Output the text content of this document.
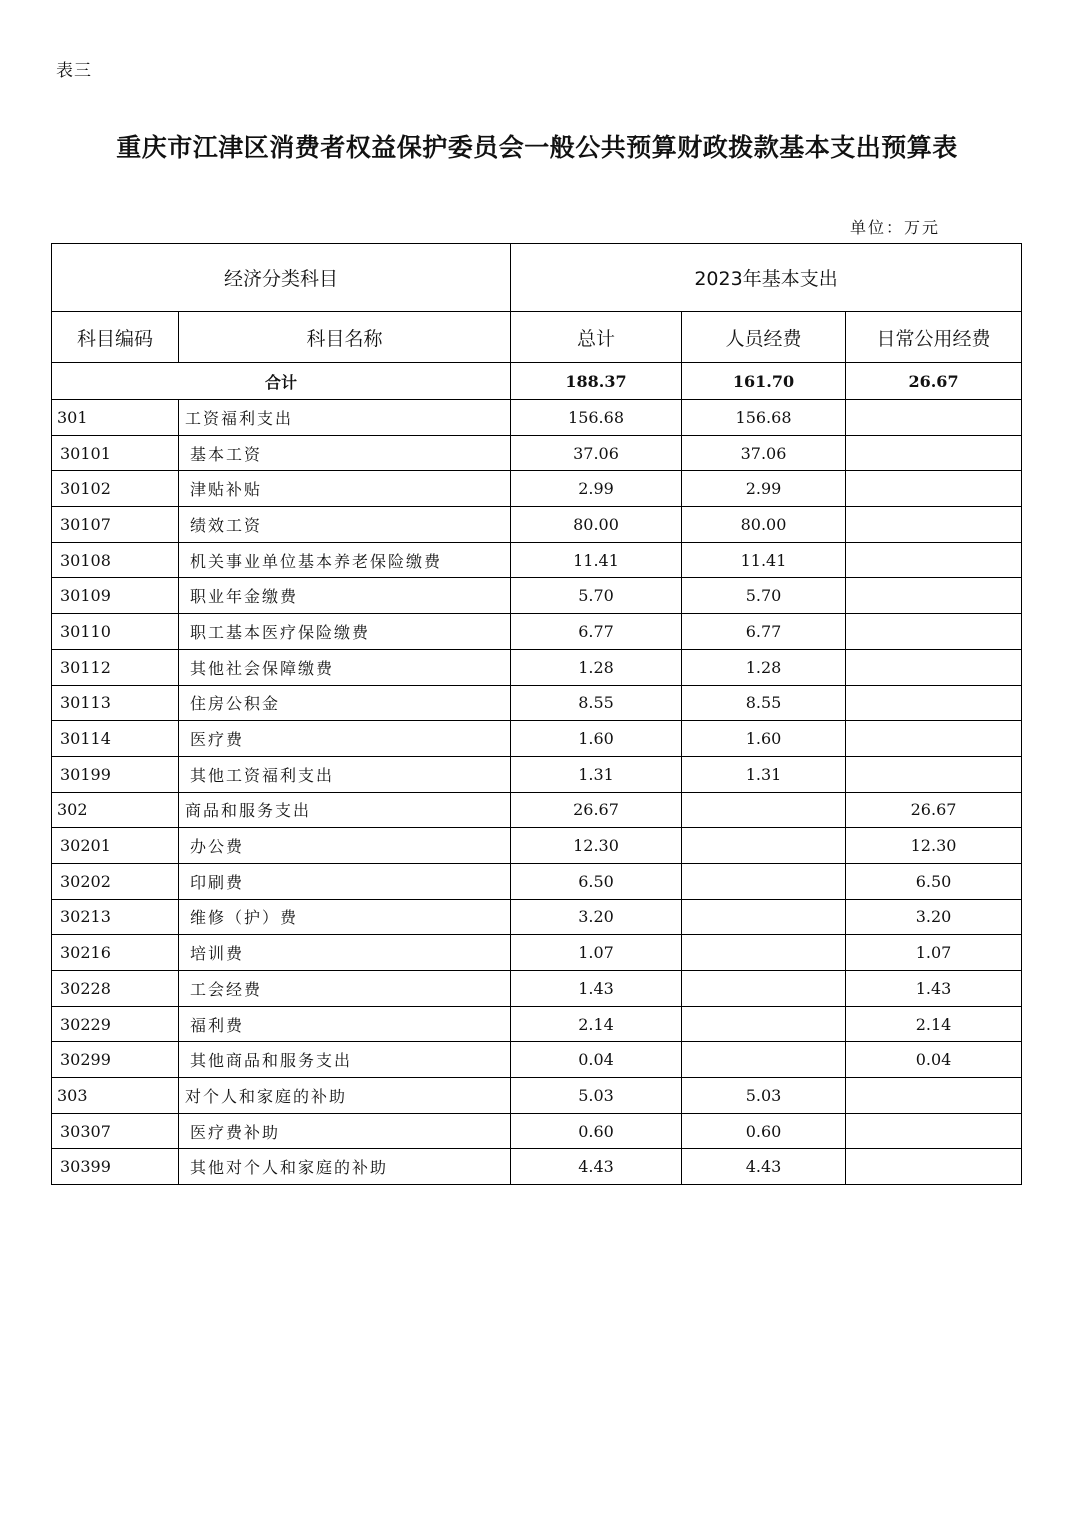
表三
重庆市江津区消费者权益保护委员会一般公共预算财政拨款基本支出预算表
单位：万元
经济分类科目		2023年基本支出		
科目编码	科目名称	总计	人员经费	日常公用经费
合计		188.37	161.70	26.67
301	工资福利支出	156.68	156.68	
30101	基本工资	37.06	37.06	
30102	津贴补贴	2.99	2.99	
30107	绩效工资	80.00	80.00	
30108	机关事业单位基本养老保险缴费	11.41	11.41	
30109	职业年金缴费	5.70	5.70	
30110	职工基本医疗保险缴费	6.77	6.77	
30112	其他社会保障缴费	1.28	1.28	
30113	住房公积金	8.55	8.55	
30114	医疗费	1.60	1.60	
30199	其他工资福利支出	1.31	1.31	
302	商品和服务支出	26.67		26.67
30201	办公费	12.30		12.30
30202	印刷费	6.50		6.50
30213	维修（护）费	3.20		3.20
30216	培训费	1.07		1.07
30228	工会经费	1.43		1.43
30229	福利费	2.14		2.14
30299	其他商品和服务支出	0.04		0.04
303	对个人和家庭的补助	5.03	5.03	
30307	医疗费补助	0.60	0.60	
30399	其他对个人和家庭的补助	4.43	4.43	
